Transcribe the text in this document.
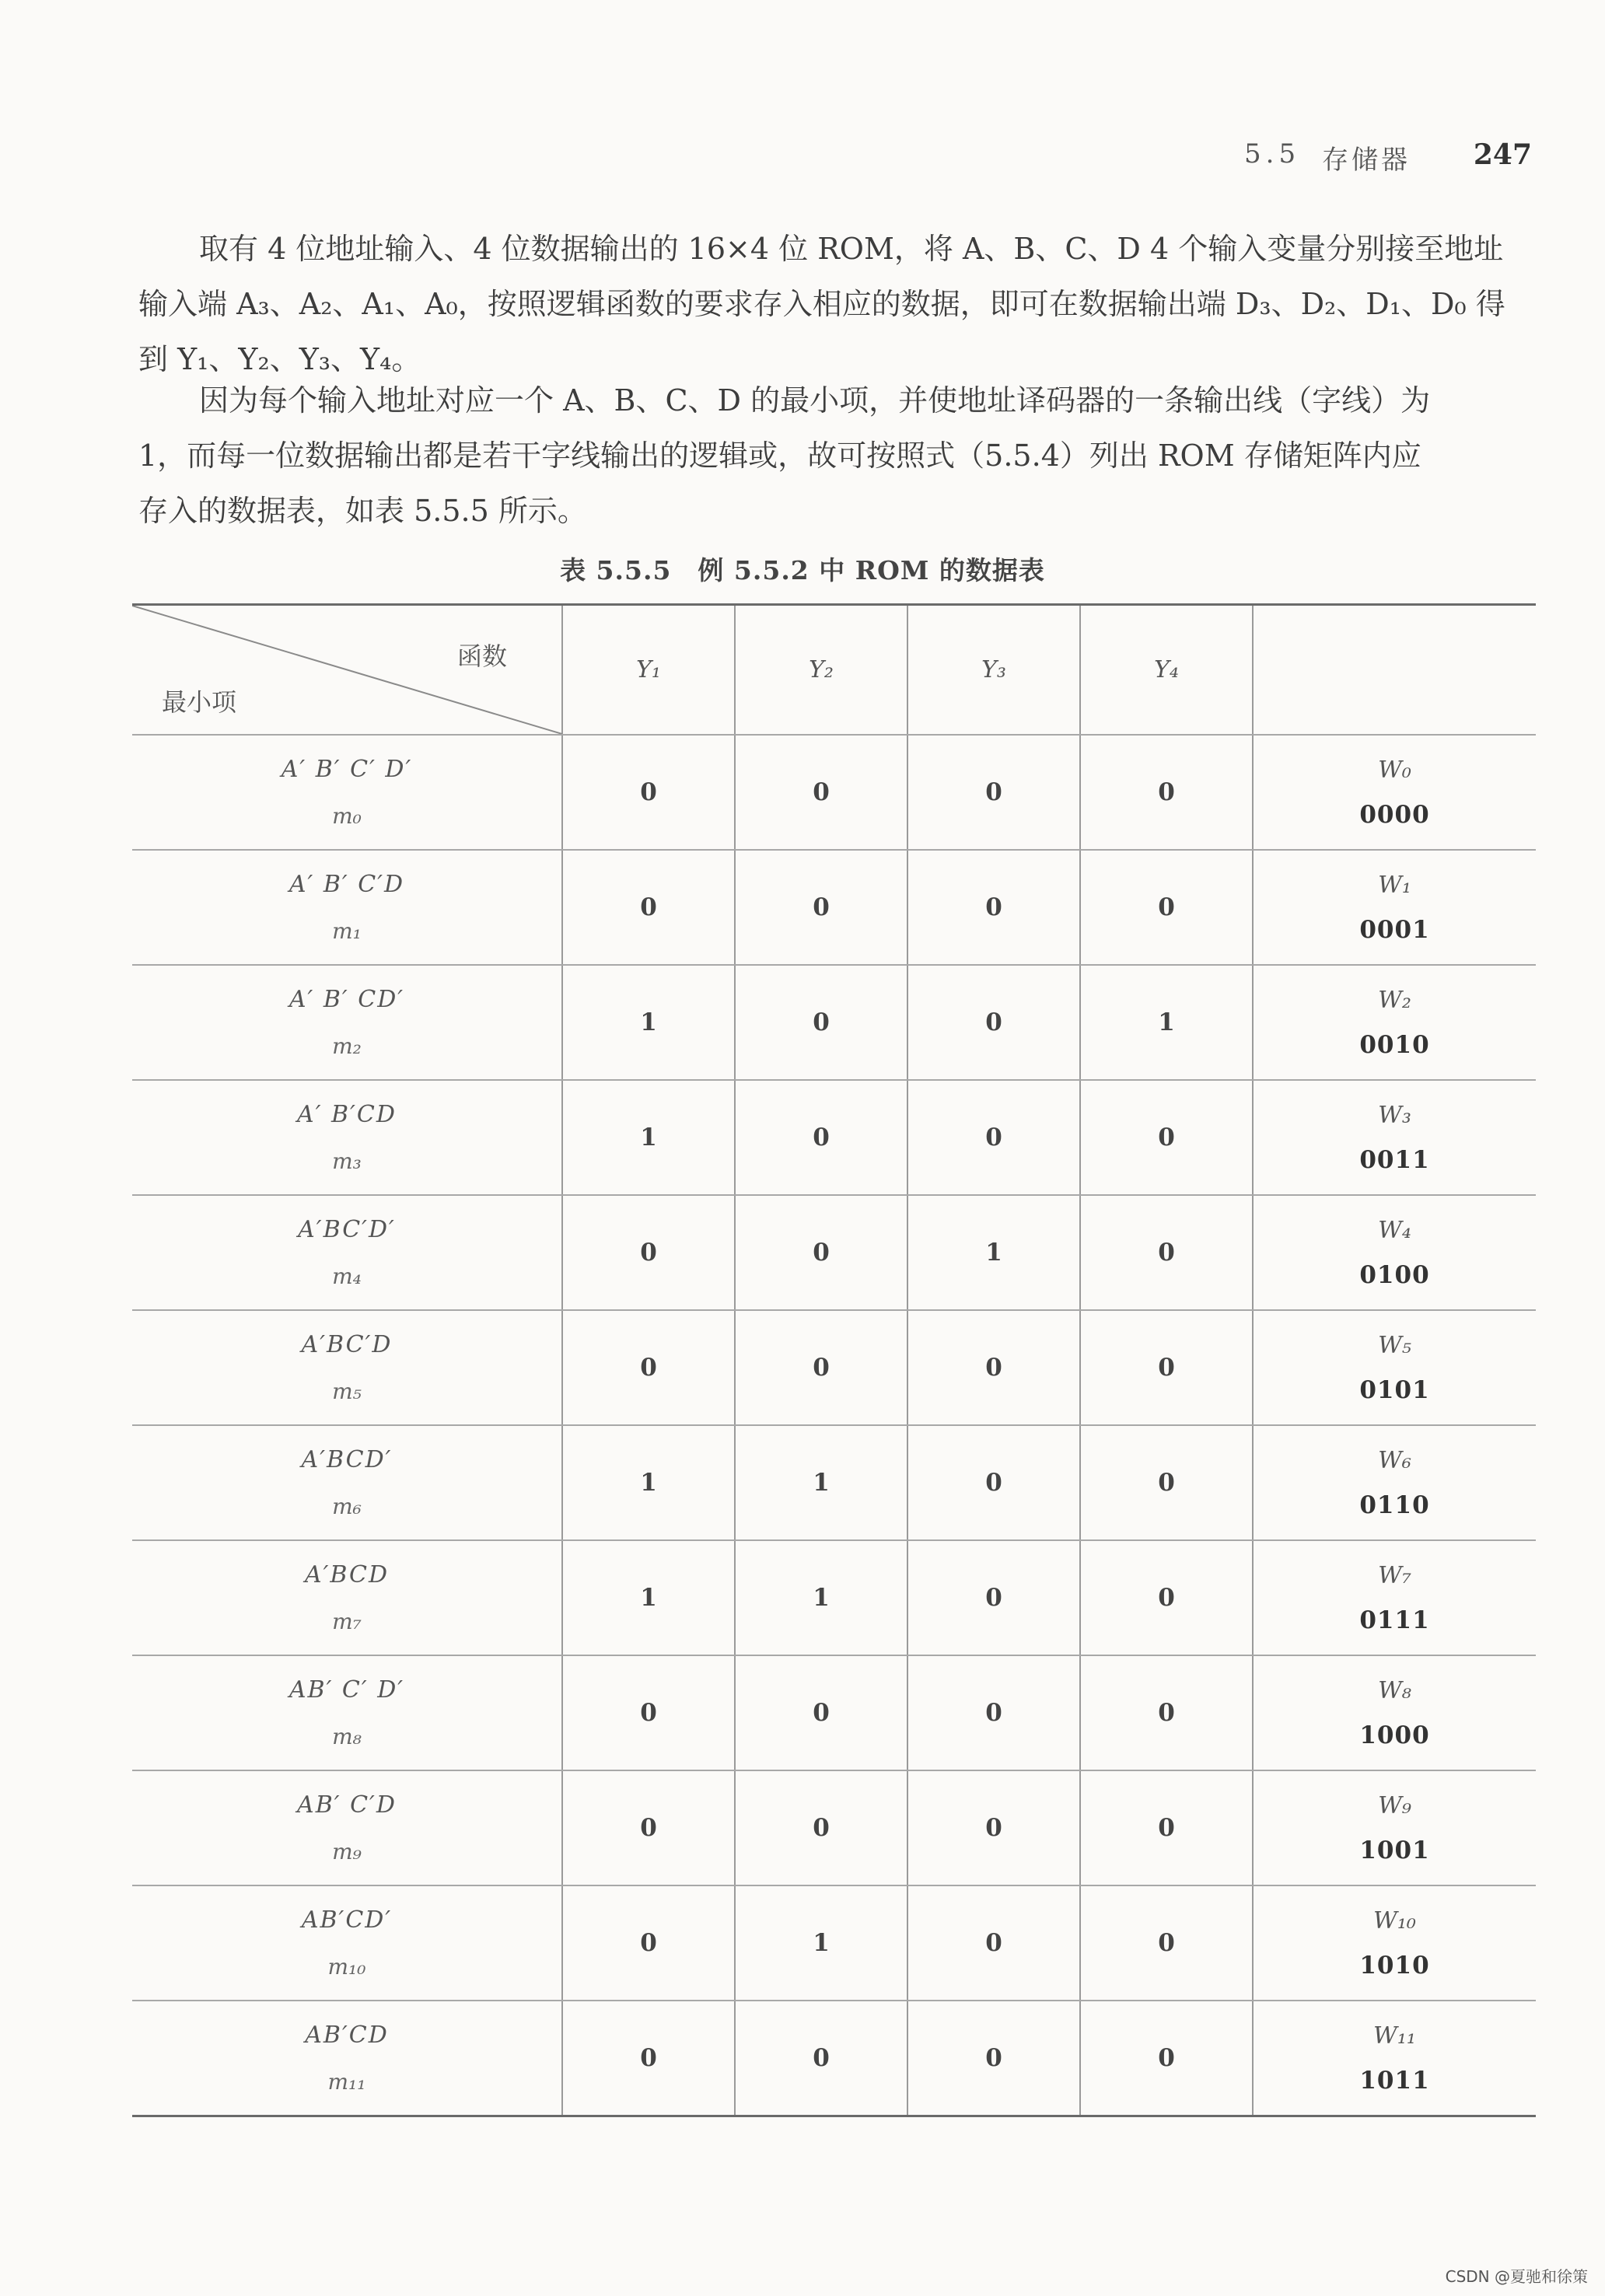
5.5 存储器 247
取有 4 位地址输入、4 位数据输出的 16×4 位 ROM，将 A、B、C、D 4 个输入变量分别接至地址
输入端 A₃、A₂、A₁、A₀，按照逻辑函数的要求存入相应的数据，即可在数据输出端 D₃、D₂、D₁、D₀ 得
到 Y₁、Y₂、Y₃、Y₄。
因为每个输入地址对应一个 A、B、C、D 的最小项，并使地址译码器的一条输出线（字线）为
1，而每一位数据输出都是若干字线输出的逻辑或，故可按照式（5.5.4）列出 ROM 存储矩阵内应
存入的数据表，如表 5.5.5 所示。
表 5.5.5　例 5.5.2 中 ROM 的数据表
函数
最小项	Y₁	Y₂	Y₃	Y₄	

A′ B′ C′ D′
m₀	0	0	0	0	W₀
0000

A′ B′ C′D
m₁	0	0	0	0	W₁
0001

A′ B′ CD′
m₂	1	0	0	1	W₂
0010

A′ B′CD
m₃	1	0	0	0	W₃
0011

A′BC′D′
m₄	0	0	1	0	W₄
0100

A′BC′D
m₅	0	0	0	0	W₅
0101

A′BCD′
m₆	1	1	0	0	W₆
0110

A′BCD
m₇	1	1	0	0	W₇
0111

AB′ C′ D′
m₈	0	0	0	0	W₈
1000

AB′ C′D
m₉	0	0	0	0	W₉
1001

AB′CD′
m₁₀	0	1	0	0	W₁₀
1010

AB′CD
m₁₁	0	0	0	0	W₁₁
1011
CSDN @夏驰和徐策
